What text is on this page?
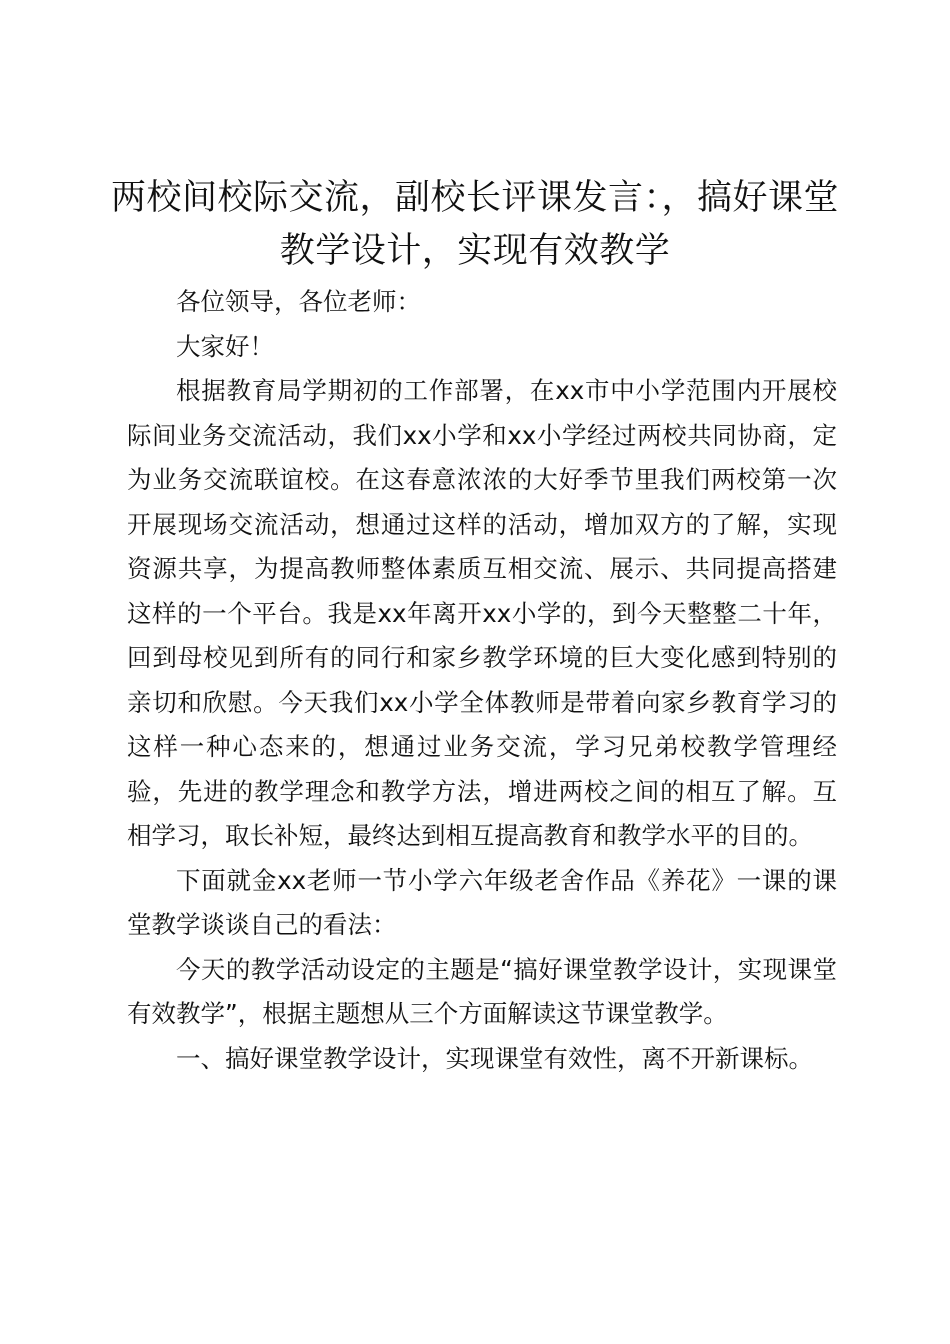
两校间校际交流，副校长评课发言：，搞好课堂教学设计，实现有效教学

各位领导，各位老师：

大家好！

根据教育局学期初的工作部署，在xx市中小学范围内开展校际间业务交流活动，我们xx小学和xx小学经过两校共同协商，定为业务交流联谊校。在这春意浓浓的大好季节里我们两校第一次开展现场交流活动，想通过这样的活动，增加双方的了解，实现资源共享，为提高教师整体素质互相交流、展示、共同提高搭建这样的一个平台。我是xx年离开xx小学的，到今天整整二十年，回到母校见到所有的同行和家乡教学环境的巨大变化感到特别的亲切和欣慰。今天我们xx小学全体教师是带着向家乡教育学习的这样一种心态来的，想通过业务交流，学习兄弟校教学管理经验，先进的教学理念和教学方法，增进两校之间的相互了解。互相学习，取长补短，最终达到相互提高教育和教学水平的目的。

下面就金xx老师一节小学六年级老舍作品《养花》一课的课堂教学谈谈自己的看法：

今天的教学活动设定的主题是“搞好课堂教学设计，实现课堂有效教学”，根据主题想从三个方面解读这节课堂教学。

一、搞好课堂教学设计，实现课堂有效性，离不开新课标。
